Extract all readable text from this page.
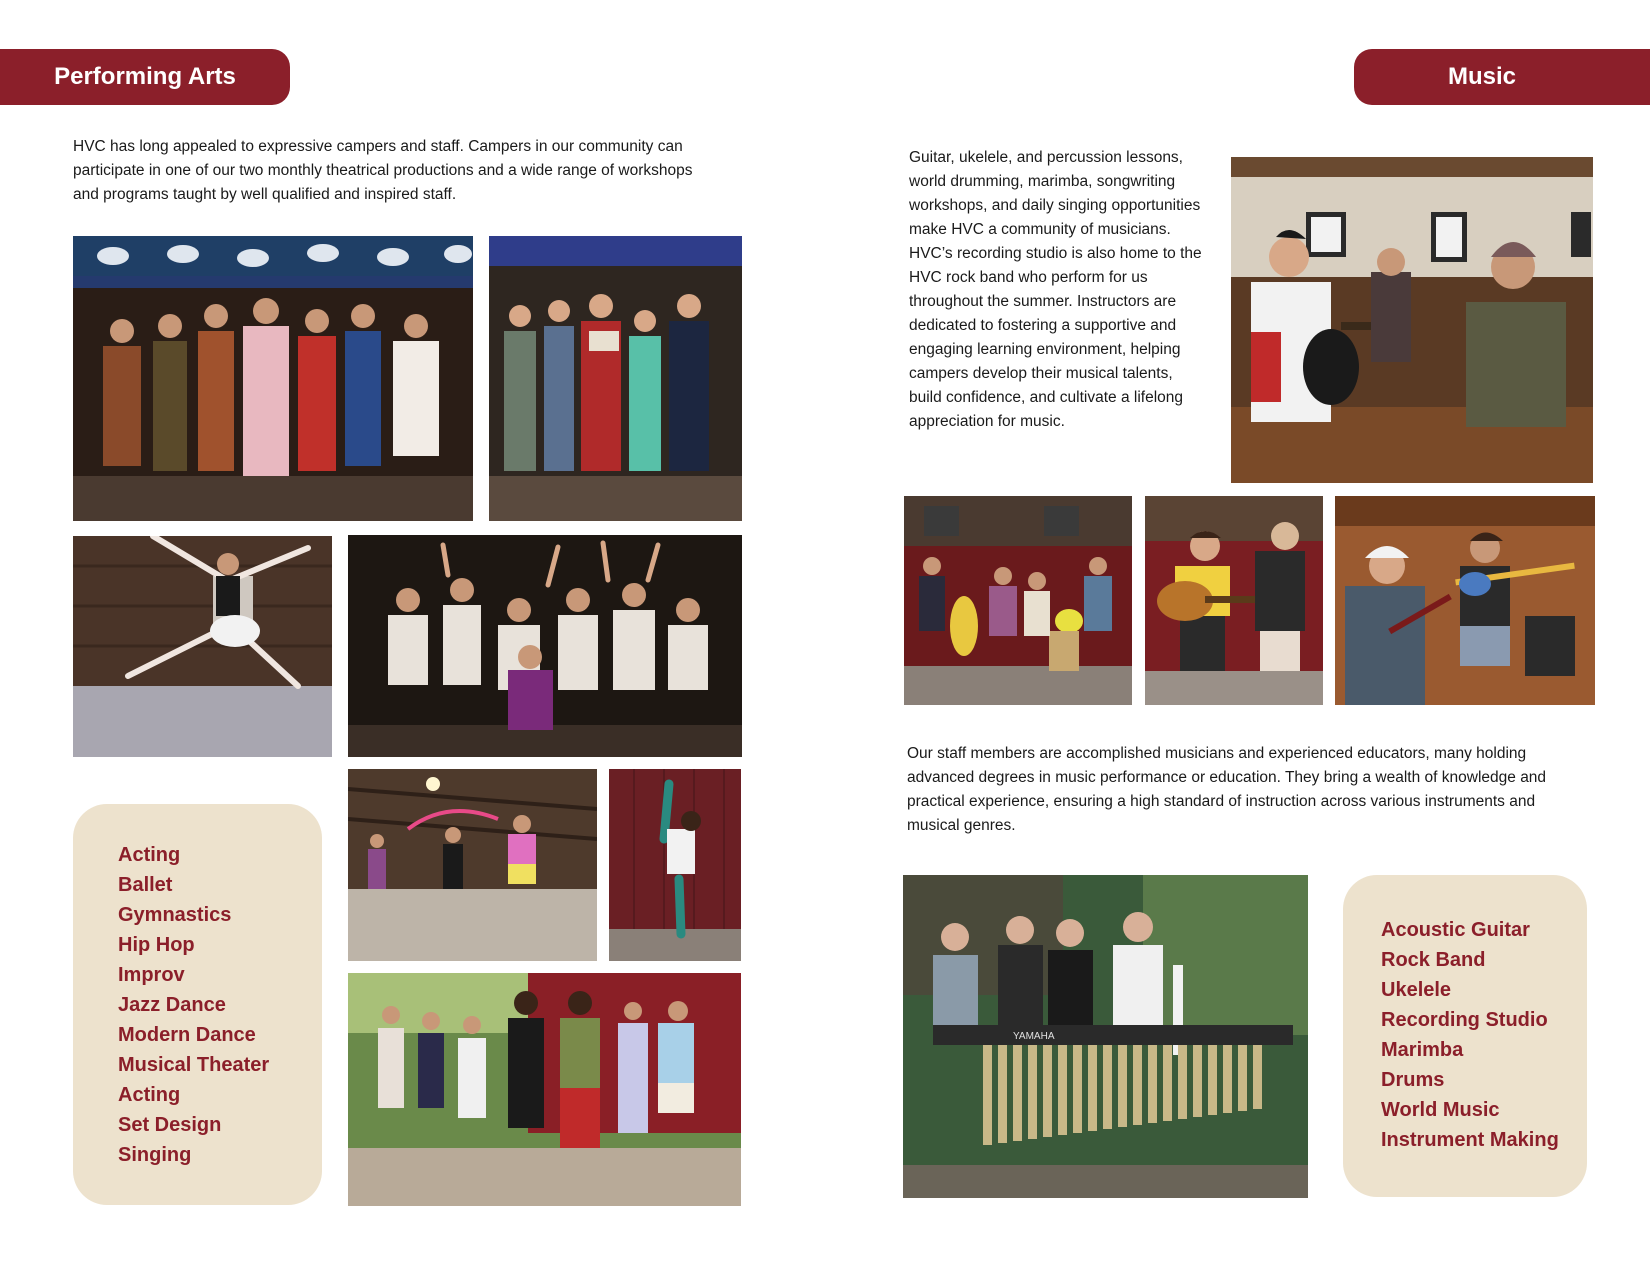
Performing Arts
HVC has long appealed to expressive campers and staff. Campers in our community can participate in one of our two monthly theatrical productions and a wide range of workshops and programs taught by well qualified and inspired staff.
Acting
Ballet
Gymnastics
Hip Hop
Improv
Jazz Dance
Modern Dance
Musical Theater
Acting
Set Design
Singing
Music
Guitar, ukelele, and percussion lessons, world drumming, marimba, songwriting workshops, and daily singing opportunities make HVC a community of musicians. HVC’s recording studio is also home to the HVC rock band who perform for us throughout the summer. Instructors are dedicated to fostering a supportive and engaging learning environment, helping campers develop their musical talents, build confidence, and cultivate a lifelong appreciation for music.
Our staff members are accomplished musicians and experienced educators, many holding advanced degrees in music performance or education. They bring a wealth of knowledge and practical experience, ensuring a high standard of instruction across various instruments and musical genres.
YAMAHA
Acoustic Guitar
Rock Band
Ukelele
Recording Studio
Marimba
Drums
World Music
Instrument Making
